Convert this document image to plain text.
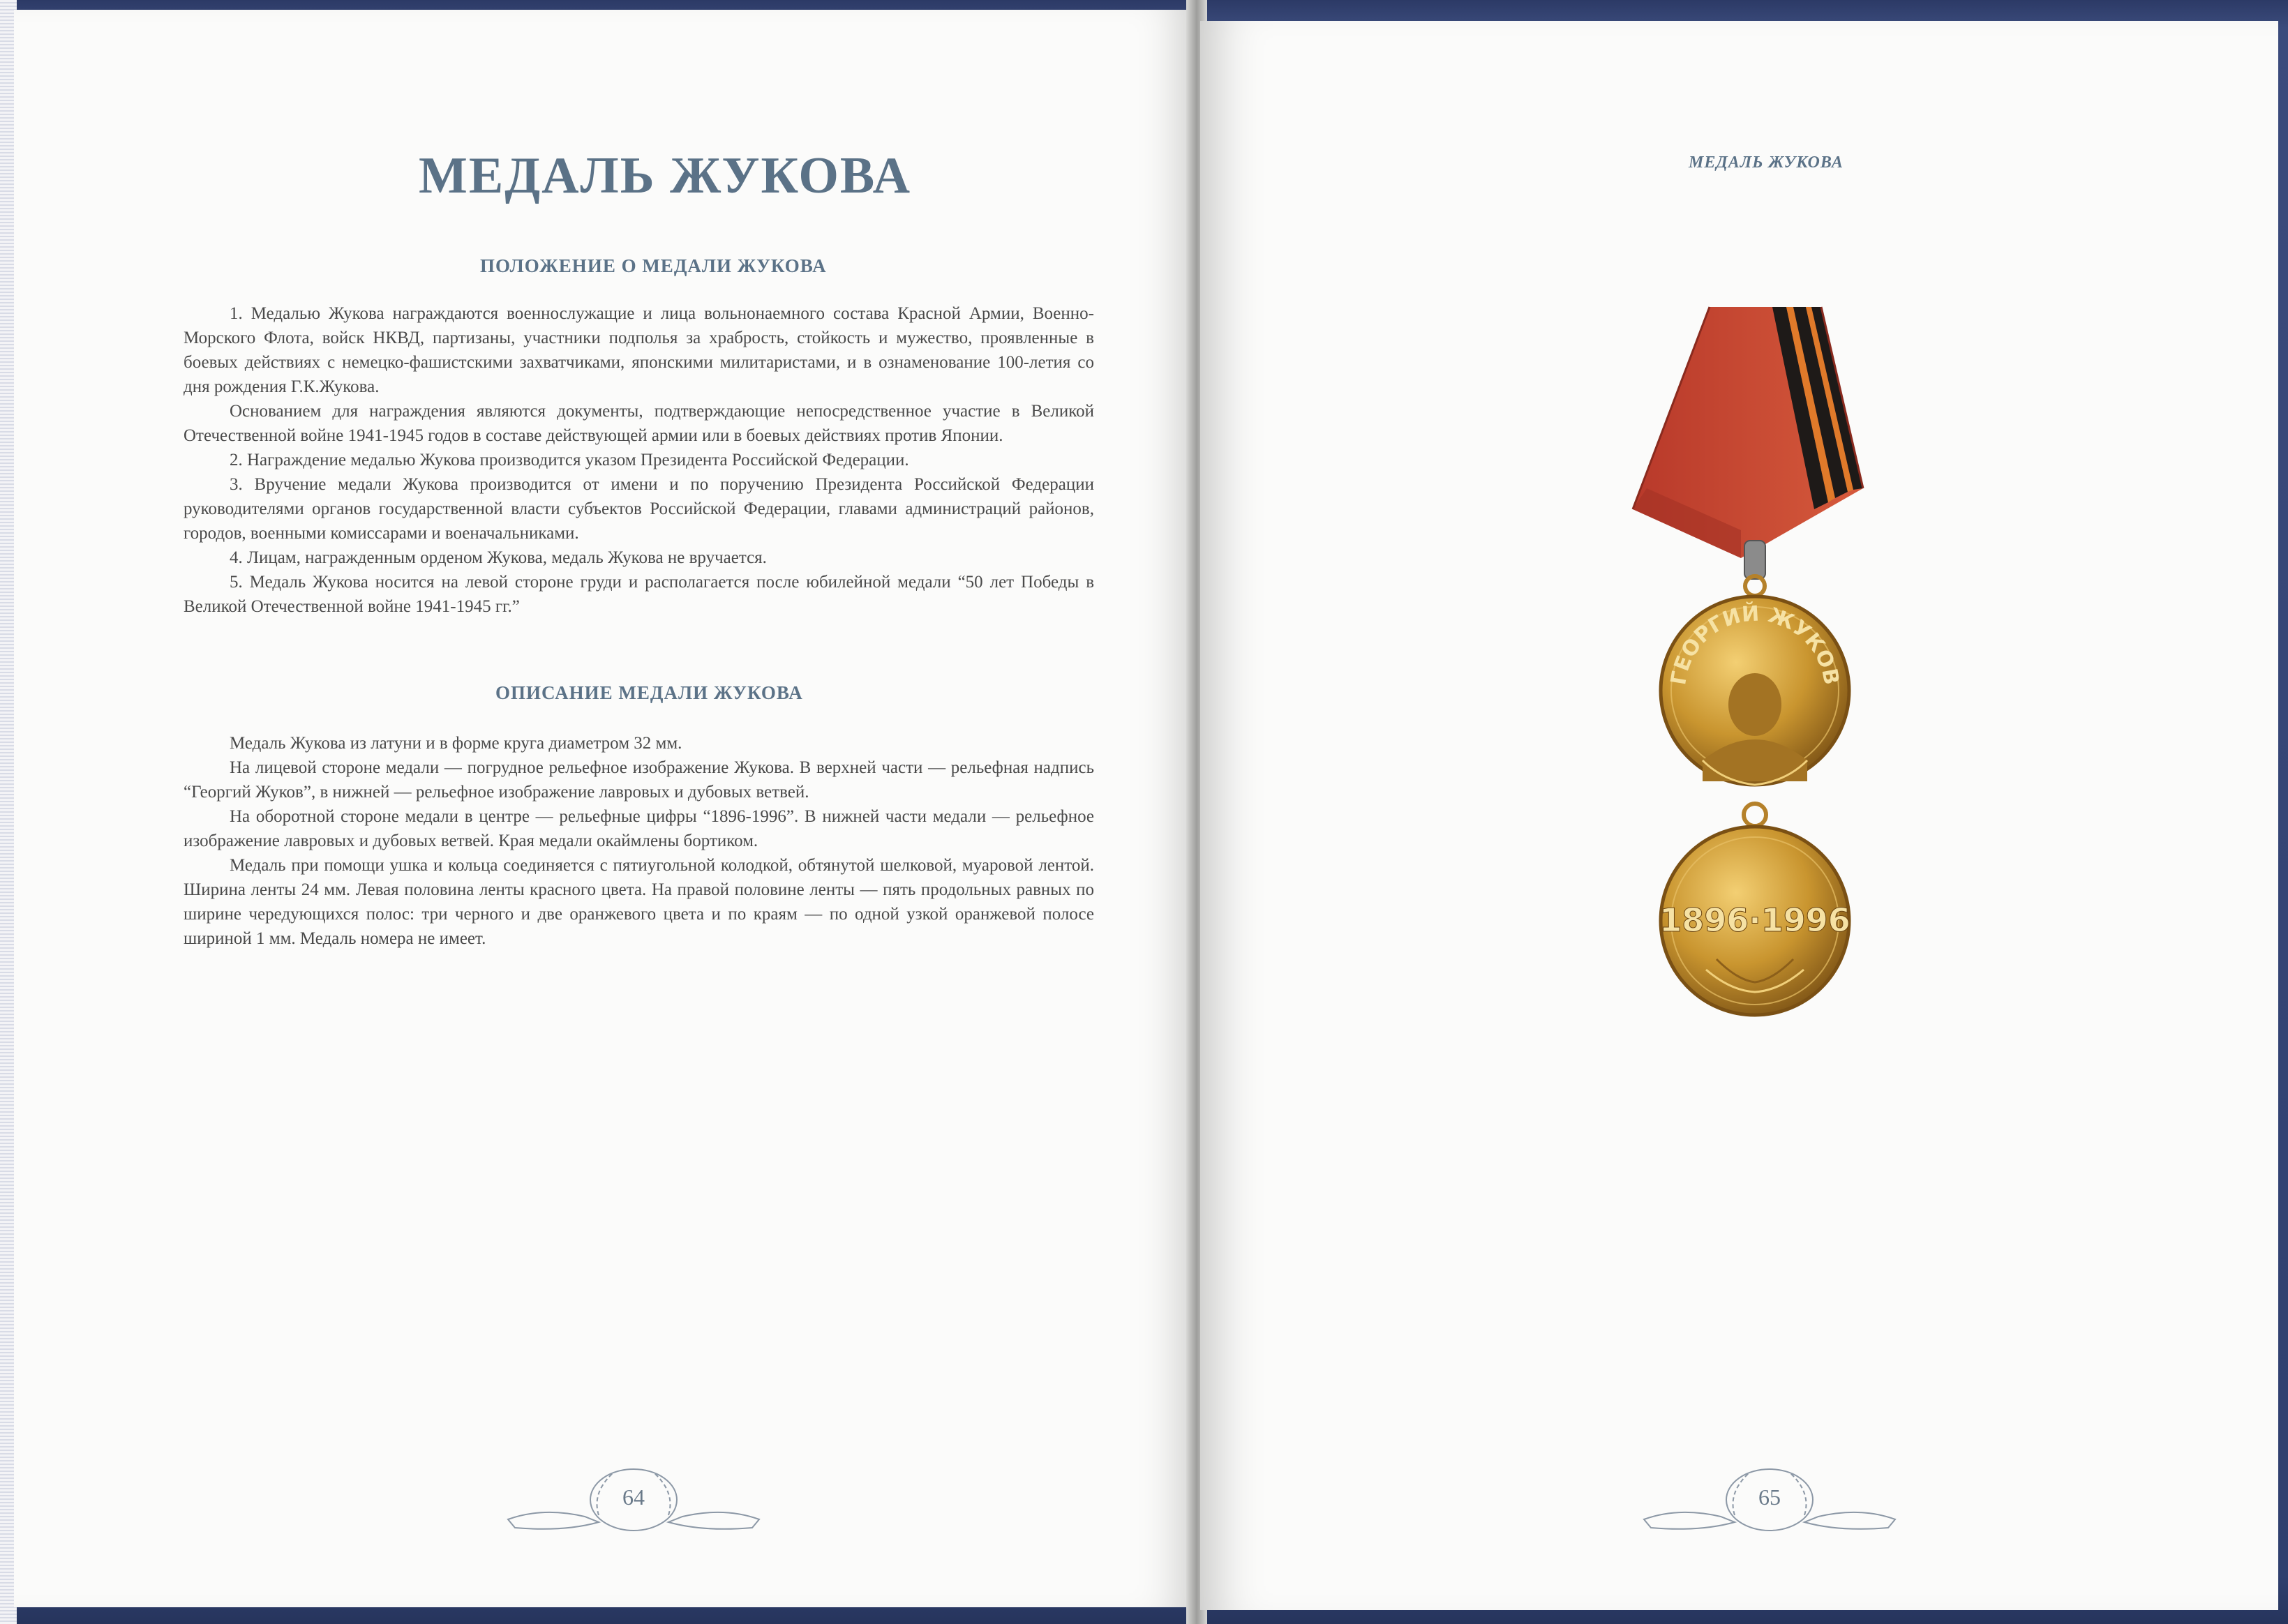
МЕДАЛЬ ЖУКОВА
ПОЛОЖЕНИЕ О МЕДАЛИ ЖУКОВА

1. Медалью Жукова награждаются военнослужащие и лица вольнонаемного состава Красной Армии, Военно-Морского Флота, войск НКВД, партизаны, участники подполья за храбрость, стойкость и мужество, проявленные в боевых действиях с немецко-фашистскими захватчиками, японскими милитаристами, и в ознаменование 100-летия со дня рождения Г.К.Жукова.

Основанием для награждения являются документы, подтверждающие непосредственное участие в Великой Отечественной войне 1941-1945 годов в составе действующей армии или в боевых действиях против Японии.

2. Награждение медалью Жукова производится указом Президента Российской Федерации.

3. Вручение медали Жукова производится от имени и по поручению Президента Российской Федерации руководителями органов государственной власти субъектов Российской Федерации, главами администраций районов, городов, военными комиссарами и военачальниками.

4. Лицам, награжденным орденом Жукова, медаль Жукова не вручается.

5. Медаль Жукова носится на левой стороне груди и располагается после юбилейной медали “50 лет Победы в Великой Отечественной войне 1941-1945 гг.”

ОПИСАНИЕ МЕДАЛИ ЖУКОВА

Медаль Жукова из латуни и в форме круга диаметром 32 мм.

На лицевой стороне медали — погрудное рельефное изображение Жукова. В верхней части — рельефная надпись “Георгий Жуков”, в нижней — рельефное изображение лавровых и дубовых ветвей.

На оборотной стороне медали в центре — рельефные цифры “1896-1996”. В нижней части медали — рельефное изображение лавровых и дубовых ветвей. Края медали окаймлены бортиком.

Медаль при помощи ушка и кольца соединяется с пятиугольной колодкой, обтянутой шелковой, муаровой лентой. Ширина ленты 24 мм. Левая половина ленты красного цвета. На правой половине ленты — пять продольных равных по ширине чередующихся полос: три черного и две оранжевого цвета и по краям — по одной узкой оранжевой полосе шириной 1 мм. Медаль номера не имеет.

64
МЕДАЛЬ ЖУКОВА
ГЕОРГИЙ ЖУКОВ
1896·1996
65
